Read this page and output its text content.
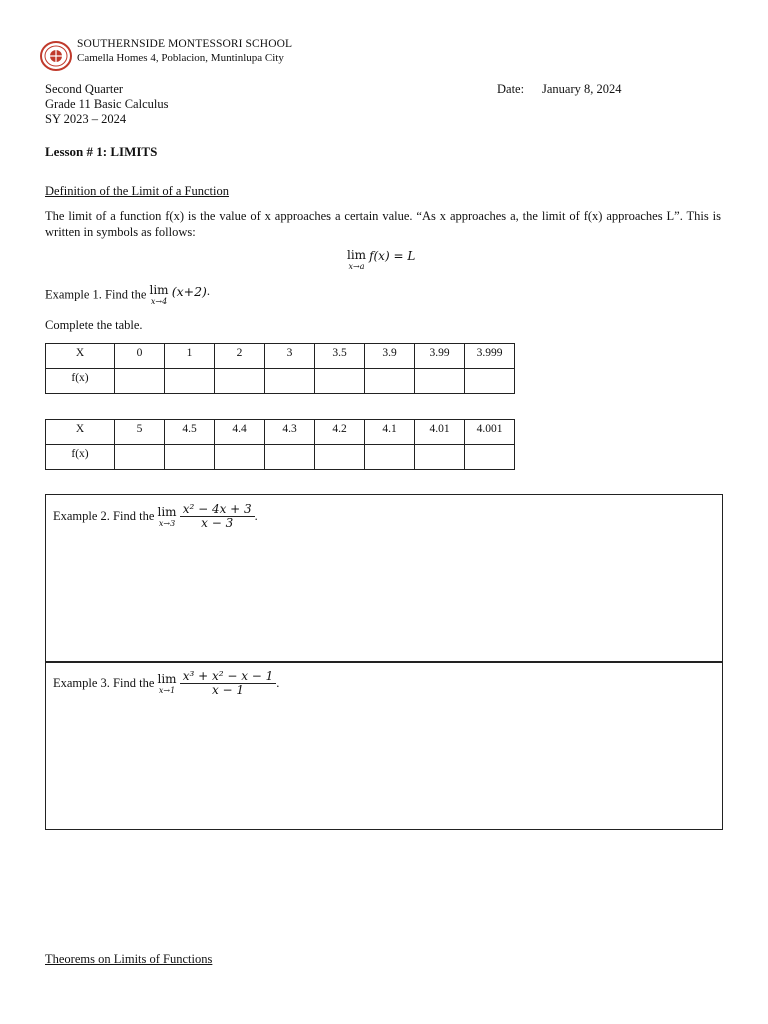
SOUTHERNSIDE MONTESSORI SCHOOL
Camella Homes 4, Poblacion, Muntinlupa City
Second Quarter
Grade 11 Basic Calculus
SY 2023 – 2024
Date: January 8, 2024
Lesson # 1: LIMITS
Definition of the Limit of a Function
The limit of a function f(x) is the value of x approaches a certain value. “As x approaches a, the limit of f(x) approaches L”. This is written in symbols as follows:
lim
x→a
f(x) = L
Example 1. Find the lim
x→4
(x+2).
Complete the table.
X	0	1	2	3	3.5	3.9	3.99	3.999

f(x)								

X	5	4.5	4.4	4.3	4.2	4.1	4.01	4.001

f(x)								

Example 2. Find the lim
x→3
$\frac{\text{x² − 4x + 3}}{x - 3}$ .
Example 3. Find the lim
x→1
$\frac{\text{x³ + x² − x − 1}}{x - 1}$ .
Theorems on Limits of Functions
